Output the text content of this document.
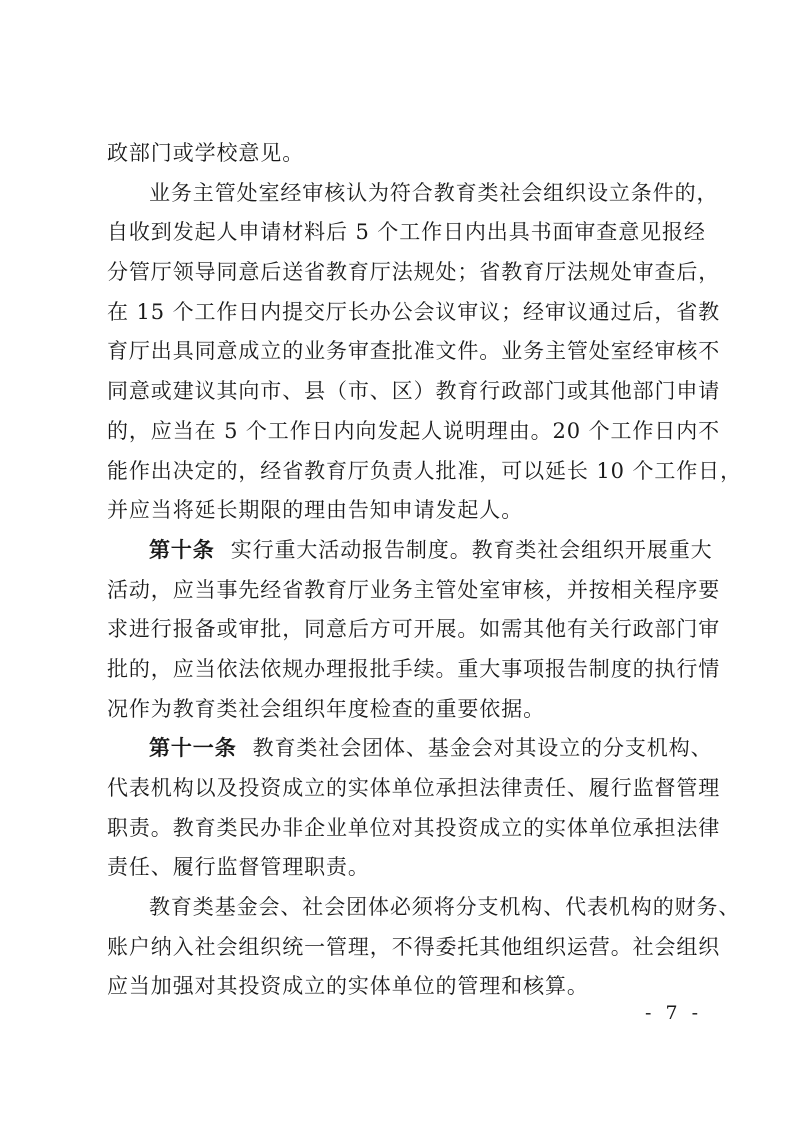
政部门或学校意见。
业务主管处室经审核认为符合教育类社会组织设立条件的，
自收到发起人申请材料后 5 个工作日内出具书面审查意见报经
分管厅领导同意后送省教育厅法规处；省教育厅法规处审查后，
在 15 个工作日内提交厅长办公会议审议；经审议通过后，省教
育厅出具同意成立的业务审查批准文件。业务主管处室经审核不
同意或建议其向市、县（市、区）教育行政部门或其他部门申请
的，应当在 5 个工作日内向发起人说明理由。20 个工作日内不
能作出决定的，经省教育厅负责人批准，可以延长 10 个工作日，
并应当将延长期限的理由告知申请发起人。
第十条 实行重大活动报告制度。教育类社会组织开展重大
活动，应当事先经省教育厅业务主管处室审核，并按相关程序要
求进行报备或审批，同意后方可开展。如需其他有关行政部门审
批的，应当依法依规办理报批手续。重大事项报告制度的执行情
况作为教育类社会组织年度检查的重要依据。
第十一条 教育类社会团体、基金会对其设立的分支机构、
代表机构以及投资成立的实体单位承担法律责任、履行监督管理
职责。教育类民办非企业单位对其投资成立的实体单位承担法律
责任、履行监督管理职责。
教育类基金会、社会团体必须将分支机构、代表机构的财务、
账户纳入社会组织统一管理，不得委托其他组织运营。社会组织
应当加强对其投资成立的实体单位的管理和核算。
- 7 -
